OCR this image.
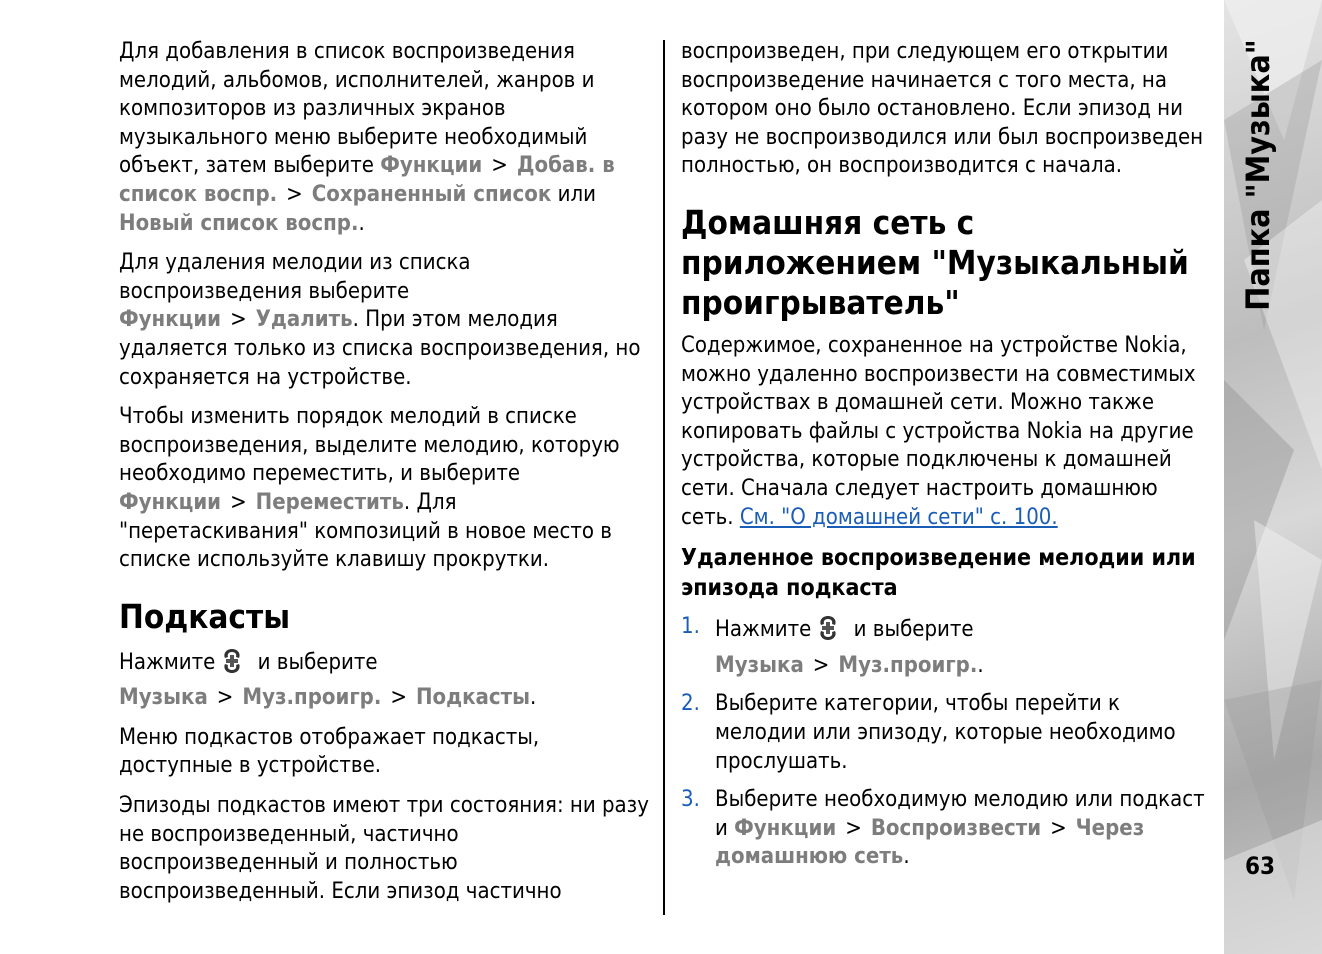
Папка "Музыка"
63

Для добавления в список воспроизведения мелодий, альбомов, исполнителей, жанров и композиторов из различных экранов музыкального меню выберите необходимый объект, затем выберите Функции > Добав. в список воспр. > Сохраненный список или Новый список воспр..

Для удаления мелодии из списка воспроизведения выберите Функции > Удалить. При этом мелодия удаляется только из списка воспроизведения, но сохраняется на устройстве.

Чтобы изменить порядок мелодий в списке воспроизведения, выделите мелодию, которую необходимо переместить, и выберите Функции > Переместить. Для "перетаскивания" композиций в новое место в списке используйте клавишу прокрутки.

Подкасты

Нажмите и выберите Музыка > Муз.проигр. > Подкасты.

Меню подкастов отображает подкасты, доступные в устройстве.

Эпизоды подкастов имеют три состояния: ни разу не воспроизведенный, частично воспроизведенный и полностью воспроизведенный. Если эпизод частично

воспроизведен, при следующем его открытии воспроизведение начинается с того места, на котором оно было остановлено. Если эпизод ни разу не воспроизводился или был воспроизведен полностью, он воспроизводится с начала.

Домашняя сеть с приложением "Музыкальный проигрыватель"

Содержимое, сохраненное на устройстве Nokia, можно удаленно воспроизвести на совместимых устройствах в домашней сети. Можно также копировать файлы с устройства Nokia на другие устройства, которые подключены к домашней сети. Сначала следует настроить домашнюю сеть. См. "О домашней сети" с. 100.

Удаленное воспроизведение мелодии или эпизода подкаста
1. Нажмите и выберите Музыка > Муз.проигр..
2. Выберите категории, чтобы перейти к мелодии или эпизоду, которые необходимо прослушать.
3. Выберите необходимую мелодию или подкаст и Функции > Воспроизвести > Через домашнюю сеть.
